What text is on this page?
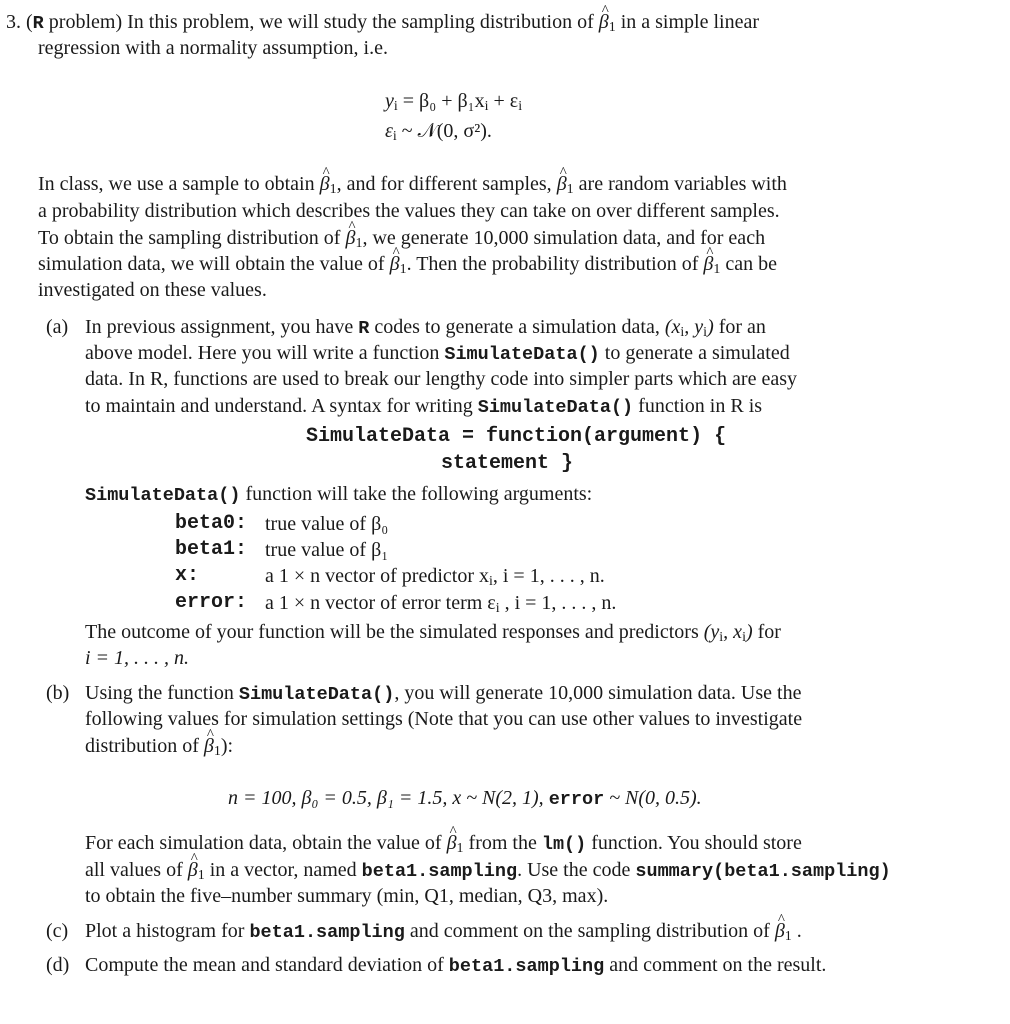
3. (R problem) In this problem, we will study the sampling distribution of ^ $\beta_1$ in a simple linear
regression with a normality assumption, i.e.
$y_i = \beta_0 + \beta_1x_i + \varepsilon_i$
$\varepsilon_i$ ~ 𝒩(0, σ²).
In class, we use a sample to obtain ^ $\beta_1$, and for different samples, ^ $\beta_1$ are random variables with
a probability distribution which describes the values they can take on over different samples.
To obtain the sampling distribution of ^ $\beta_1$, we generate 10,000 simulation data, and for each
simulation data, we will obtain the value of ^ $\beta_1$. Then the probability distribution of ^ $\beta_1$ can be
investigated on these values.
(a) In previous assignment, you have R codes to generate a simulation data, ($x_i$, $y_i$) for an
above model. Here you will write a function SimulateData() to generate a simulated
data. In R, functions are used to break our lengthy code into simpler parts which are easy
to maintain and understand. A syntax for writing SimulateData() function in R is
SimulateData = function(argument) {
statement }
SimulateData() function will take the following arguments:
beta0: true value of β₀
beta1: true value of β₁
x:	a 1 × n vector of predictor $x_i$, i = 1, . . . , n.
error: a 1 × n vector of error term $\varepsilon_i$ , i = 1, . . . , n.
The outcome of your function will be the simulated responses and predictors ($y_i$, $x_i$) for
i = 1, . . . , n.
(b) Using the function SimulateData(), you will generate 10,000 simulation data. Use the
following values for simulation settings (Note that you can use other values to investigate
distribution of ^ $\beta_1$):
n = 100, β₀ = 0.5, β₁ = 1.5, x ~ N(2, 1), error ~ N(0, 0.5).
For each simulation data, obtain the value of ^ $\beta_1$ from the lm() function. You should store
all values of ^ $\beta_1$ in a vector, named beta1.sampling. Use the code summary(beta1.sampling)
to obtain the five–number summary (min, Q1, median, Q3, max).
(c) Plot a histogram for beta1.sampling and comment on the sampling distribution of ^ $\beta_1$ .
(d) Compute the mean and standard deviation of beta1.sampling and comment on the result.
